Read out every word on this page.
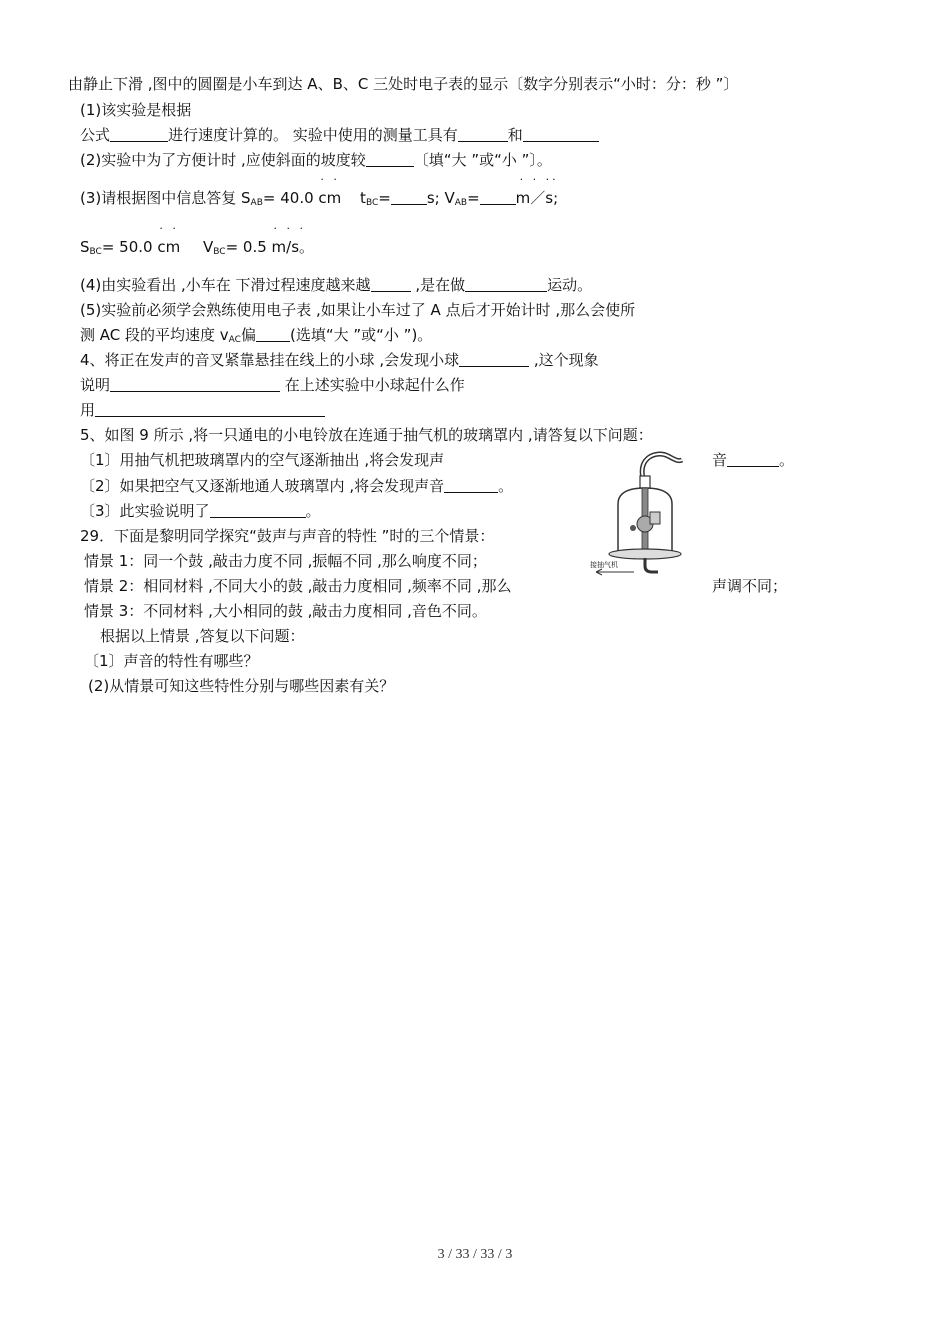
由静止下滑 ,图中的圆圈是小车到达 A、B、C 三处时电子表的显示〔数字分别表示“小时：分：秒 ”〕
(1)该实验是根据
公式	进行速度计算的。 实验中使用的测量工具有	和
(2)实验中为了方便计时 ,应使斜面的坡度较	〔填“大 ”或“小 ”〕。
(3)请根据图中信息答复 $S_{AB}= 40.0$
· ·
cm $t_{BC}= s$; $V_{AB}=$
· · ··
m／s;
$S_{BC}= 50.0$
· ·
cm $V_{BC}= 0.5$
· · ·
m/s。
(4)由实验看出 ,小车在 下滑过程速度越来越	,是在做	运动。
(5)实验前必须学会熟练使用电子表 ,如果让小车过了 A 点后才开始计时 ,那么会使所
测 AC 段的平均速度 $v_{AC}$偏 (选填“大 ”或“小 ”)。
4、将正在发声的音叉紧靠悬挂在线上的小球 ,会发现小球	,这个现象
说明	在上述实验中小球起什么作
用
5、如图 9 所示 ,将一只通电的小电铃放在连通于抽气机的玻璃罩内 ,请答复以下问题：
〔1〕用抽气机把玻璃罩内的空气逐渐抽出 ,将会发现声	音	。
〔2〕如果把空气又逐渐地通人玻璃罩内 ,将会发现声音	。
〔3〕此实验说明了	。
接抽气机
29．下面是黎明同学探究“鼓声与声音的特性 ”时的三个情景：
情景 1：同一个鼓 ,敲击力度不同 ,振幅不同 ,那么响度不同；
情景 2：相同材料 ,不同大小的鼓 ,敲击力度相同 ,频率不同 ,那么	声调不同；
情景 3：不同材料 ,大小相同的鼓 ,敲击力度相同 ,音色不同。
根据以上情景 ,答复以下问题：
〔1〕声音的特性有哪些？
(2)从情景可知这些特性分别与哪些因素有关？
3 / 33 / 33 / 3
